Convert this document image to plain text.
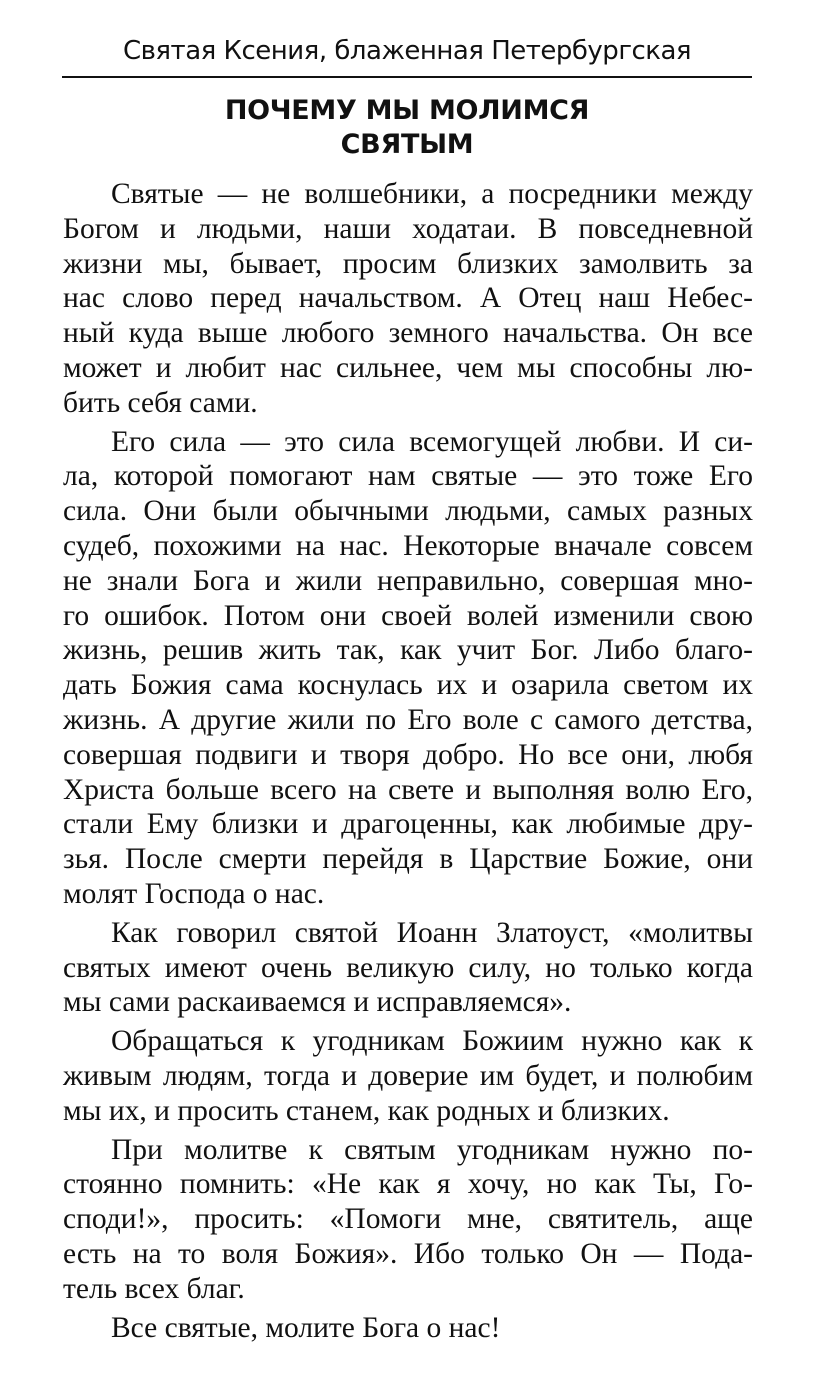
Святая Ксения, блаженная Петербургская
ПОЧЕМУ МЫ МОЛИМСЯ
СВЯТЫМ

Святые — не волшебники, а посредники между
Богом и людьми, наши ходатаи. В повседневной
жизни мы, бывает, просим близких замолвить за
нас слово перед начальством. А Отец наш Небес-
ный куда выше любого земного начальства. Он все
может и любит нас сильнее, чем мы способны лю-
бить себя сами.

Его сила — это сила всемогущей любви. И си-
ла, которой помогают нам святые — это тоже Его
сила. Они были обычными людьми, самых разных
судеб, похожими на нас. Некоторые вначале совсем
не знали Бога и жили неправильно, совершая мно-
го ошибок. Потом они своей волей изменили свою
жизнь, решив жить так, как учит Бог. Либо благо-
дать Божия сама коснулась их и озарила светом их
жизнь. А другие жили по Его воле с самого детства,
совершая подвиги и творя добро. Но все они, любя
Христа больше всего на свете и выполняя волю Его,
стали Ему близки и драгоценны, как любимые дру-
зья. После смерти перейдя в Царствие Божие, они
молят Господа о нас.

Как говорил святой Иоанн Златоуст, «молитвы
святых имеют очень великую силу, но только когда
мы сами раскаиваемся и исправляемся».

Обращаться к угодникам Божиим нужно как к
живым людям, тогда и доверие им будет, и полюбим
мы их, и просить станем, как родных и близких.

При молитве к святым угодникам нужно по-
стоянно помнить: «Не как я хочу, но как Ты, Го-
споди!», просить: «Помоги мне, святитель, аще
есть на то воля Божия». Ибо только Он — Пода-
тель всех благ.

Все святые, молите Бога о нас!
